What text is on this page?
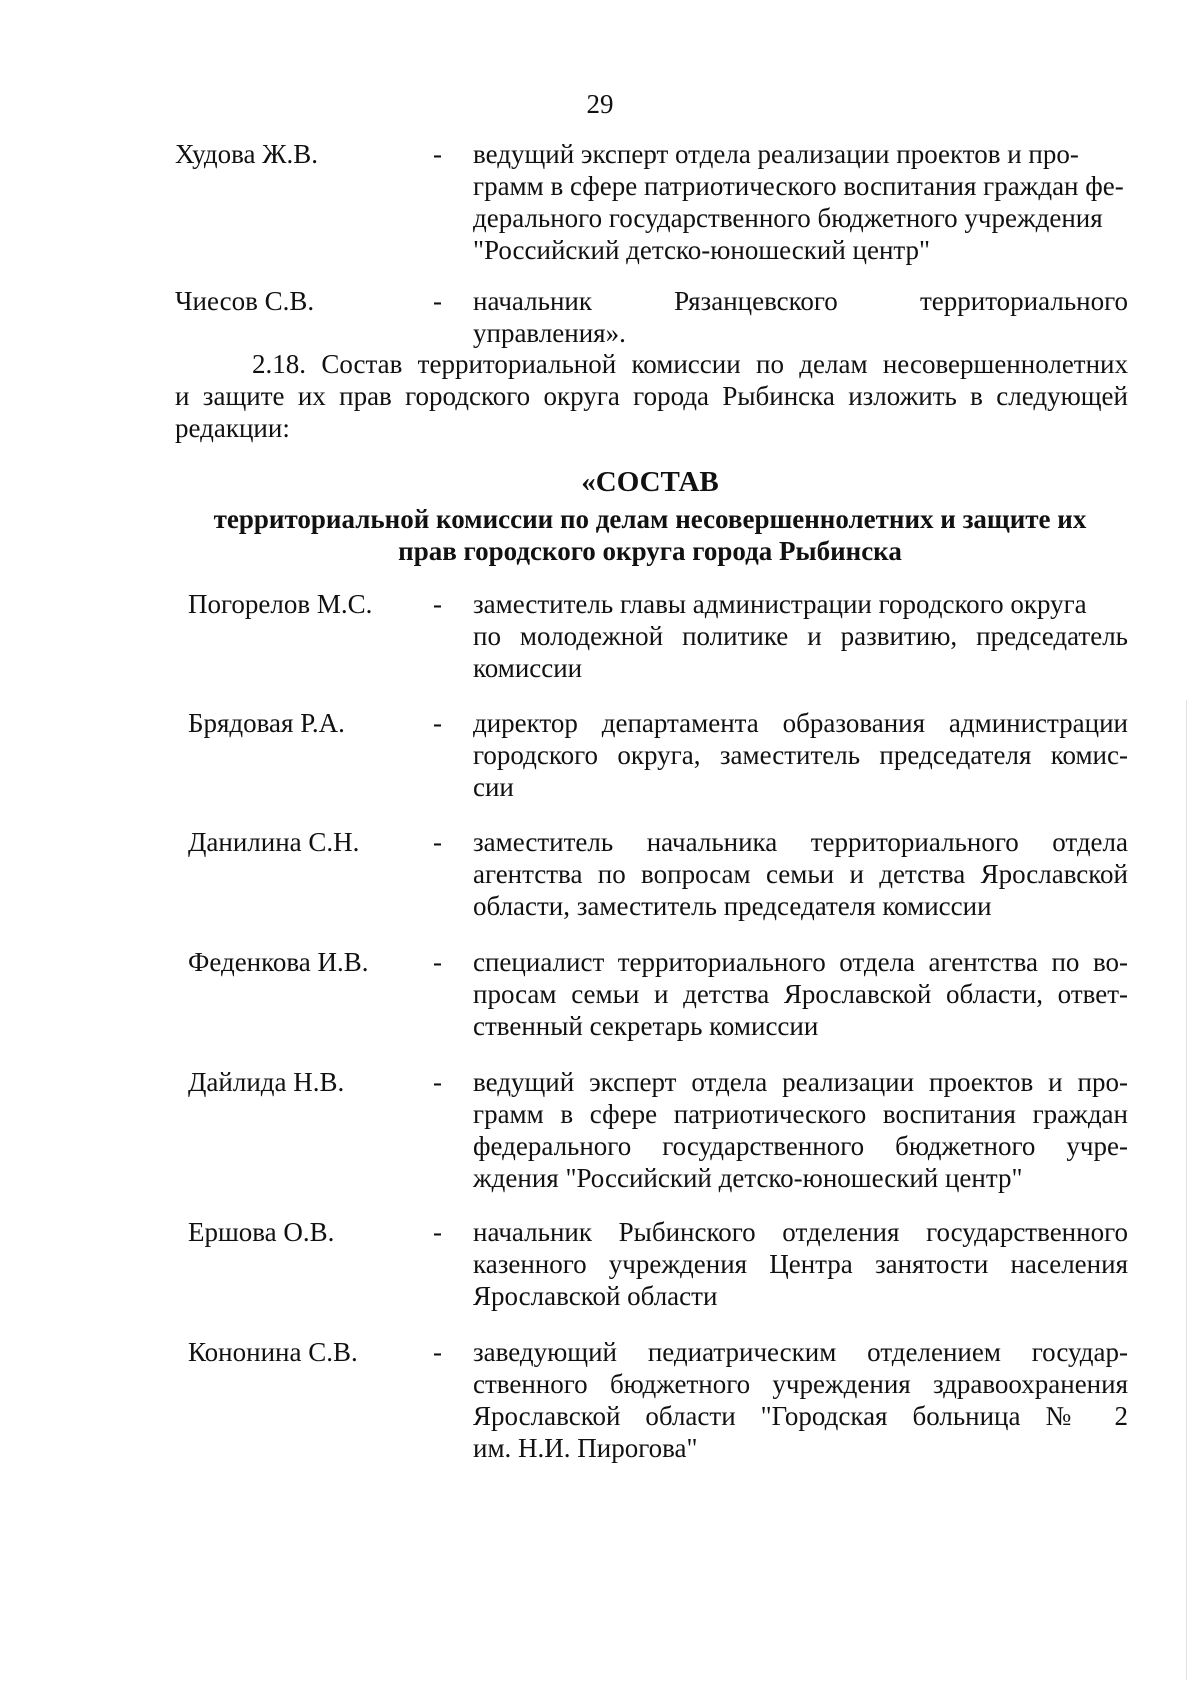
29
Худова Ж.В.	- ведущий эксперт отдела реализации проектов и про-
грамм в сфере патриотического воспитания граждан фе-
дерального государственного бюджетного учреждения
"Российский детско-юношеский центр"
Чиесов С.В.	- начальник Рязанцевского территориального
управления».
2.18. Состав территориальной комиссии по делам несовершеннолетних
и защите их прав городского округа города Рыбинска изложить в следующей
редакции:
«СОСТАВ
территориальной комиссии по делам несовершеннолетних и защите их
прав городского округа города Рыбинска
Погорелов М.С. - заместитель главы администрации городского округа
по молодежной политике и развитию, председатель
комиссии
Брядовая Р.А.	- директор департамента образования администрации
городского округа, заместитель председателя комис-
сии
Данилина С.Н.	- заместитель начальника территориального отдела
агентства по вопросам семьи и детства Ярославской
области, заместитель председателя комиссии
Феденкова И.В. - специалист территориального отдела агентства по во-
просам семьи и детства Ярославской области, ответ-
ственный секретарь комиссии
Дайлида Н.В.	- ведущий эксперт отдела реализации проектов и про-
грамм в сфере патриотического воспитания граждан
федерального государственного бюджетного учре-
ждения "Российский детско-юношеский центр"
Ершова О.В.	- начальник Рыбинского отделения государственного
казенного учреждения Центра занятости населения
Ярославской области
Кононина С.В.	- заведующий педиатрическим отделением государ-
ственного бюджетного учреждения здравоохранения
Ярославской области "Городская больница № 2
им. Н.И. Пирогова"
